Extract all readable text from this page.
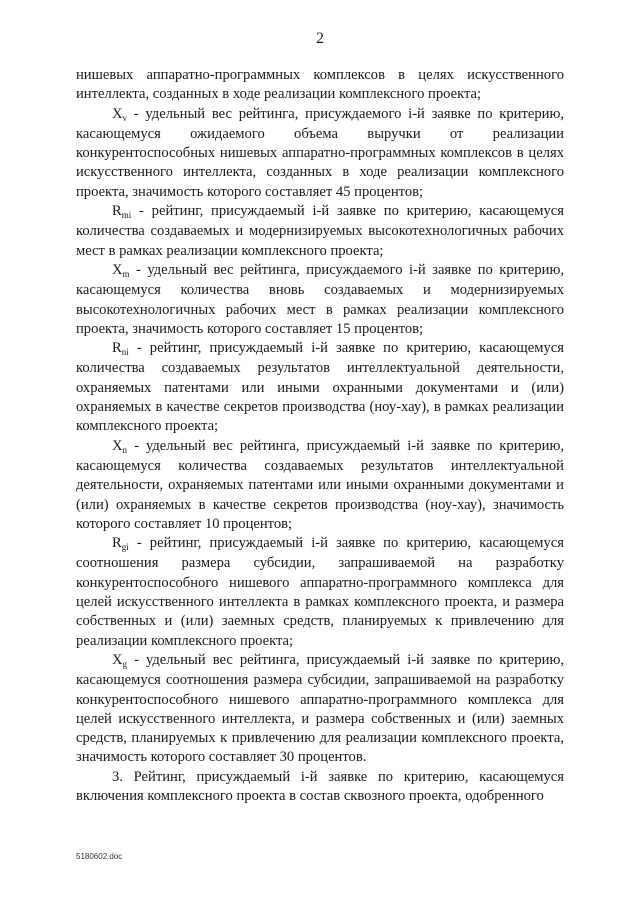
2

нишевых аппаратно-программных комплексов в целях искусственного интеллекта, созданных в ходе реализации комплексного проекта;

$X_v$ - удельный вес рейтинга, присуждаемого i-й заявке по критерию, касающемуся ожидаемого объема выручки от реализации конкурентоспособных нишевых аппаратно-программных комплексов в целях искусственного интеллекта, созданных в ходе реализации комплексного проекта, значимость которого составляет 45 процентов;

$R_{mi}$ - рейтинг, присуждаемый i-й заявке по критерию, касающемуся количества создаваемых и модернизируемых высокотехнологичных рабочих мест в рамках реализации комплексного проекта;

$X_m$ - удельный вес рейтинга, присуждаемого i-й заявке по критерию, касающемуся количества вновь создаваемых и модернизируемых высокотехнологичных рабочих мест в рамках реализации комплексного проекта, значимость которого составляет 15 процентов;

$R_{ni}$ - рейтинг, присуждаемый i-й заявке по критерию, касающемуся количества создаваемых результатов интеллектуальной деятельности, охраняемых патентами или иными охранными документами и (или) охраняемых в качестве секретов производства (ноу-хау), в рамках реализации комплексного проекта;

$X_n$ - удельный вес рейтинга, присуждаемый i-й заявке по критерию, касающемуся количества создаваемых результатов интеллектуальной деятельности, охраняемых патентами или иными охранными документами и (или) охраняемых в качестве секретов производства (ноу-хау), значимость которого составляет 10 процентов;

$R_{gi}$ - рейтинг, присуждаемый i-й заявке по критерию, касающемуся соотношения размера субсидии, запрашиваемой на разработку конкурентоспособного нишевого аппаратно-программного комплекса для целей искусственного интеллекта в рамках комплексного проекта, и размера собственных и (или) заемных средств, планируемых к привлечению для реализации комплексного проекта;

$X_g$ - удельный вес рейтинга, присуждаемый i-й заявке по критерию, касающемуся соотношения размера субсидии, запрашиваемой на разработку конкурентоспособного нишевого аппаратно-программного комплекса для целей искусственного интеллекта, и размера собственных и (или) заемных средств, планируемых к привлечению для реализации комплексного проекта, значимость которого составляет 30 процентов.

3. Рейтинг, присуждаемый i-й заявке по критерию, касающемуся включения комплексного проекта в состав сквозного проекта, одобренного

5180602.doc
